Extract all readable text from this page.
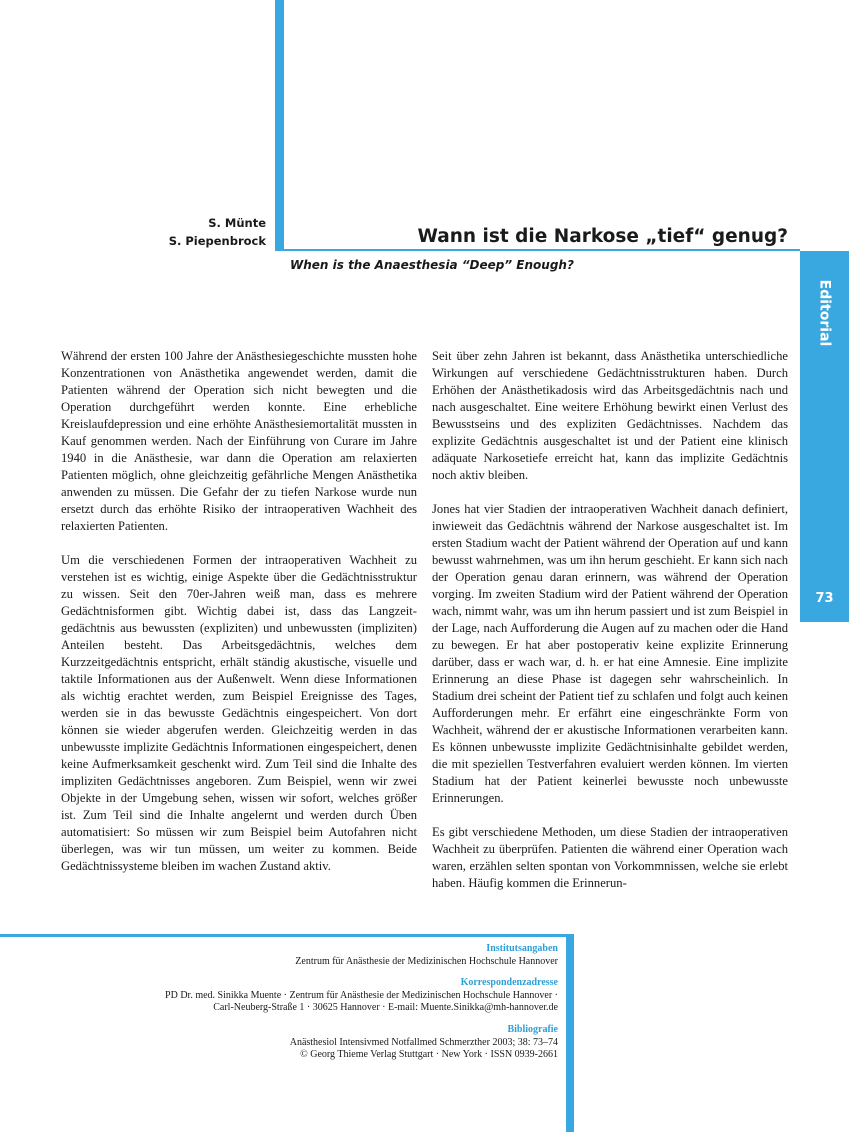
Editorial
73
S. Münte
S. Piepenbrock	Wann ist die Narkose „tief“ genug?
When is the Anaesthesia “Deep” Enough?

Während der ersten 100 Jahre der Anästhesiegeschichte mussten hohe Konzentrationen von Anästhetika angewendet werden, damit die Patienten während der Operation sich nicht bewegten und die Operation durchgeführt werden konnte. Eine erhebliche Kreislaufdepression und eine erhöhte Anästhesiemortalität mussten in Kauf genommen werden. Nach der Einführung von Curare im Jahre 1940 in die Anästhesie, war dann die Operation am relaxierten Patienten möglich, ohne gleichzeitig gefährliche Mengen Anästhetika anwenden zu müssen. Die Gefahr der zu tiefen Narkose wurde nun ersetzt durch das erhöhte Risiko der intraoperativen Wachheit des relaxierten Patienten.

Um die verschiedenen Formen der intraoperativen Wachheit zu verstehen ist es wichtig, einige Aspekte über die Gedächtnisstruktur zu wissen. Seit den 70er-Jahren weiß man, dass es mehrere Gedächtnisformen gibt. Wichtig dabei ist, dass das Langzeitgedächtnis aus bewussten (expliziten) und unbewussten (impliziten) Anteilen besteht. Das Arbeitsgedächtnis, welches dem Kurzzeitgedächtnis entspricht, erhält ständig akustische, visuelle und taktile Informationen aus der Außenwelt. Wenn diese Informationen als wichtig erachtet werden, zum Beispiel Ereignisse des Tages, werden sie in das bewusste Gedächtnis eingespeichert. Von dort können sie wieder abgerufen werden. Gleichzeitig werden in das unbewusste implizite Gedächtnis Informationen eingespeichert, denen keine Aufmerksamkeit geschenkt wird. Zum Teil sind die Inhalte des impliziten Gedächtnisses angeboren. Zum Beispiel, wenn wir zwei Objekte in der Umgebung sehen, wissen wir sofort, welches größer ist. Zum Teil sind die Inhalte angelernt und werden durch Üben automatisiert: So müssen wir zum Beispiel beim Autofahren nicht überlegen, was wir tun müssen, um weiter zu kommen. Beide Gedächtnissysteme bleiben im wachen Zustand aktiv.

Seit über zehn Jahren ist bekannt, dass Anästhetika unterschiedliche Wirkungen auf verschiedene Gedächtnisstrukturen haben. Durch Erhöhen der Anästhetikadosis wird das Arbeitsgedächtnis nach und nach ausgeschaltet. Eine weitere Erhöhung bewirkt einen Verlust des Bewusstseins und des expliziten Gedächtnisses. Nachdem das explizite Gedächtnis ausgeschaltet ist und der Patient eine klinisch adäquate Narkosetiefe erreicht hat, kann das implizite Gedächtnis noch aktiv bleiben.

Jones hat vier Stadien der intraoperativen Wachheit danach definiert, inwieweit das Gedächtnis während der Narkose ausgeschaltet ist. Im ersten Stadium wacht der Patient während der Operation auf und kann bewusst wahrnehmen, was um ihn herum geschieht. Er kann sich nach der Operation genau daran erinnern, was während der Operation vorging. Im zweiten Stadium wird der Patient während der Operation wach, nimmt wahr, was um ihn herum passiert und ist zum Beispiel in der Lage, nach Aufforderung die Augen auf zu machen oder die Hand zu bewegen. Er hat aber postoperativ keine explizite Erinnerung darüber, dass er wach war, d. h. er hat eine Amnesie. Eine implizite Erinnerung an diese Phase ist dagegen sehr wahrscheinlich. In Stadium drei scheint der Patient tief zu schlafen und folgt auch keinen Aufforderungen mehr. Er erfährt eine eingeschränkte Form von Wachheit, während der er akustische Informationen verarbeiten kann. Es können unbewusste implizite Gedächtnisinhalte gebildet werden, die mit speziellen Testverfahren evaluiert werden können. Im vierten Stadium hat der Patient keinerlei bewusste noch unbewusste Erinnerungen.

Es gibt verschiedene Methoden, um diese Stadien der intraoperativen Wachheit zu überprüfen. Patienten die während einer Operation wach waren, erzählen selten spontan von Vorkommnissen, welche sie erlebt haben. Häufig kommen die Erinnerun-

Institutsangaben
Zentrum für Anästhesie der Medizinischen Hochschule Hannover
Korrespondenzadresse
PD Dr. med. Sinikka Muente · Zentrum für Anästhesie der Medizinischen Hochschule Hannover ·
Carl-Neuberg-Straße 1 · 30625 Hannover · E-mail: Muente.Sinikka@mh-hannover.de
Bibliografie
Anästhesiol Intensivmed Notfallmed Schmerzther 2003; 38: 73–74
© Georg Thieme Verlag Stuttgart · New York · ISSN 0939-2661
